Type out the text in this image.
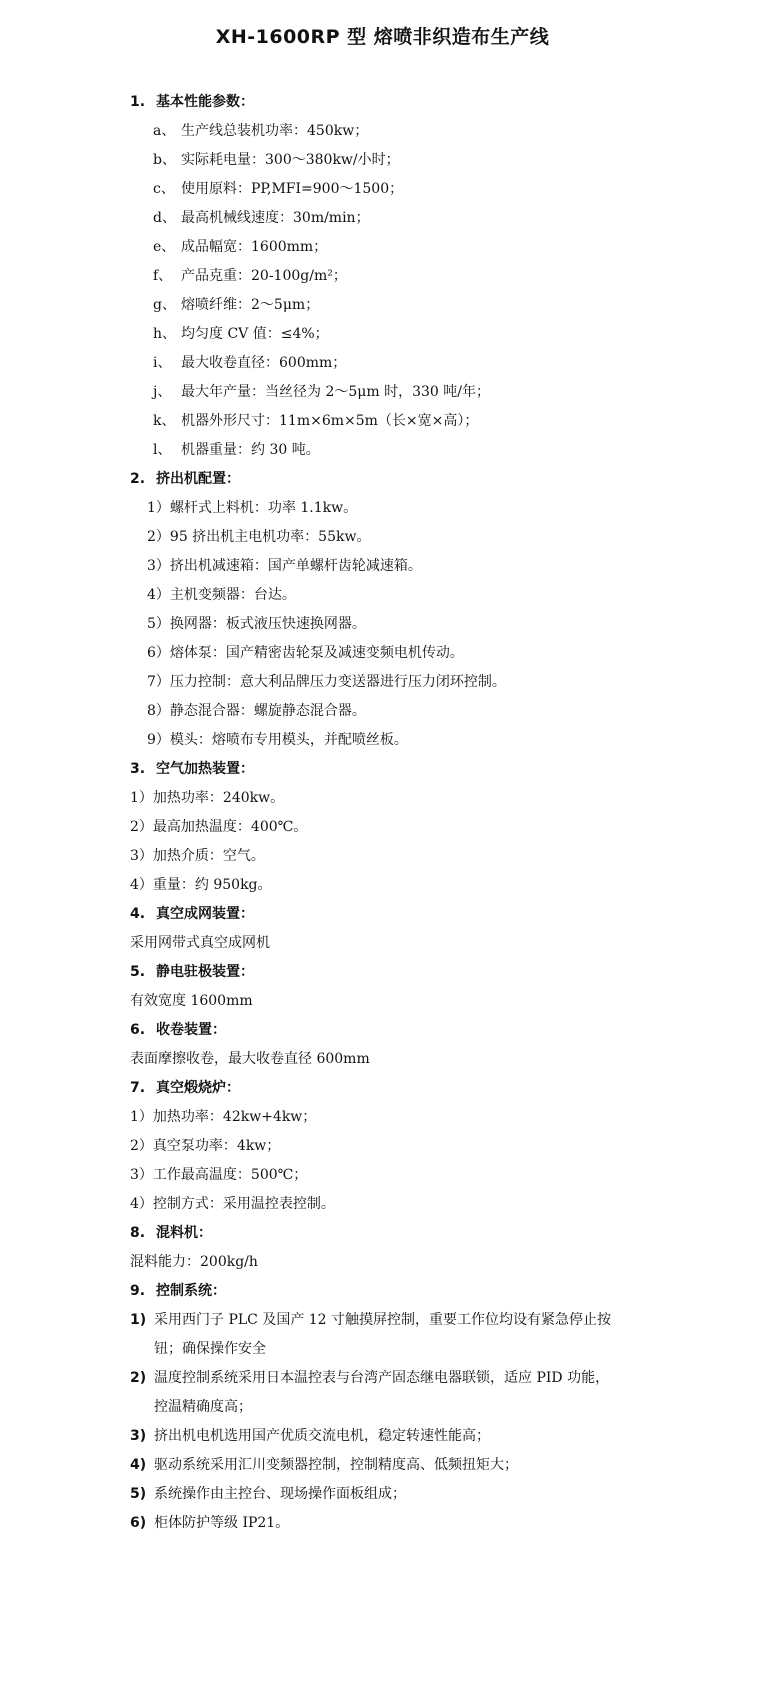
XH-1600RP 型 熔喷非织造布生产线
1. 基本性能参数：
a、 生产线总装机功率：450kw；
b、 实际耗电量：300～380kw/小时；
c、 使用原料：PP,MFI=900～1500；
d、 最高机械线速度：30m/min；
e、 成品幅宽：1600mm；
f、 产品克重：20-100g/m²；
g、 熔喷纤维：2～5μm；
h、 均匀度 CV 值：≤4%；
i、 最大收卷直径：600mm；
j、 最大年产量：当丝径为 2～5μm 时，330 吨/年；
k、 机器外形尺寸：11m×6m×5m（长×宽×高）；
l、 机器重量：约 30 吨。
2. 挤出机配置：
1）螺杆式上料机：功率 1.1kw。
2）95 挤出机主电机功率：55kw。
3）挤出机减速箱：国产单螺杆齿轮减速箱。
4）主机变频器：台达。
5）换网器：板式液压快速换网器。
6）熔体泵：国产精密齿轮泵及减速变频电机传动。
7）压力控制：意大利品牌压力变送器进行压力闭环控制。
8）静态混合器：螺旋静态混合器。
9）模头：熔喷布专用模头，并配喷丝板。
3. 空气加热装置：
1）加热功率：240kw。
2）最高加热温度：400℃。
3）加热介质：空气。
4）重量：约 950kg。
4. 真空成网装置：
采用网带式真空成网机
5. 静电驻极装置：
有效宽度 1600mm
6. 收卷装置：
表面摩擦收卷，最大收卷直径 600mm
7. 真空煅烧炉：
1）加热功率：42kw+4kw；
2）真空泵功率：4kw；
3）工作最高温度：500℃；
4）控制方式：采用温控表控制。
8. 混料机：
混料能力：200kg/h
9. 控制系统：
1) 采用西门子 PLC 及国产 12 寸触摸屏控制，重要工作位均设有紧急停止按
钮；确保操作安全
2) 温度控制系统采用日本温控表与台湾产固态继电器联锁，适应 PID 功能，
控温精确度高；
3) 挤出机电机选用国产优质交流电机，稳定转速性能高；
4) 驱动系统采用汇川变频器控制，控制精度高、低频扭矩大；
5) 系统操作由主控台、现场操作面板组成；
6) 柜体防护等级 IP21。
